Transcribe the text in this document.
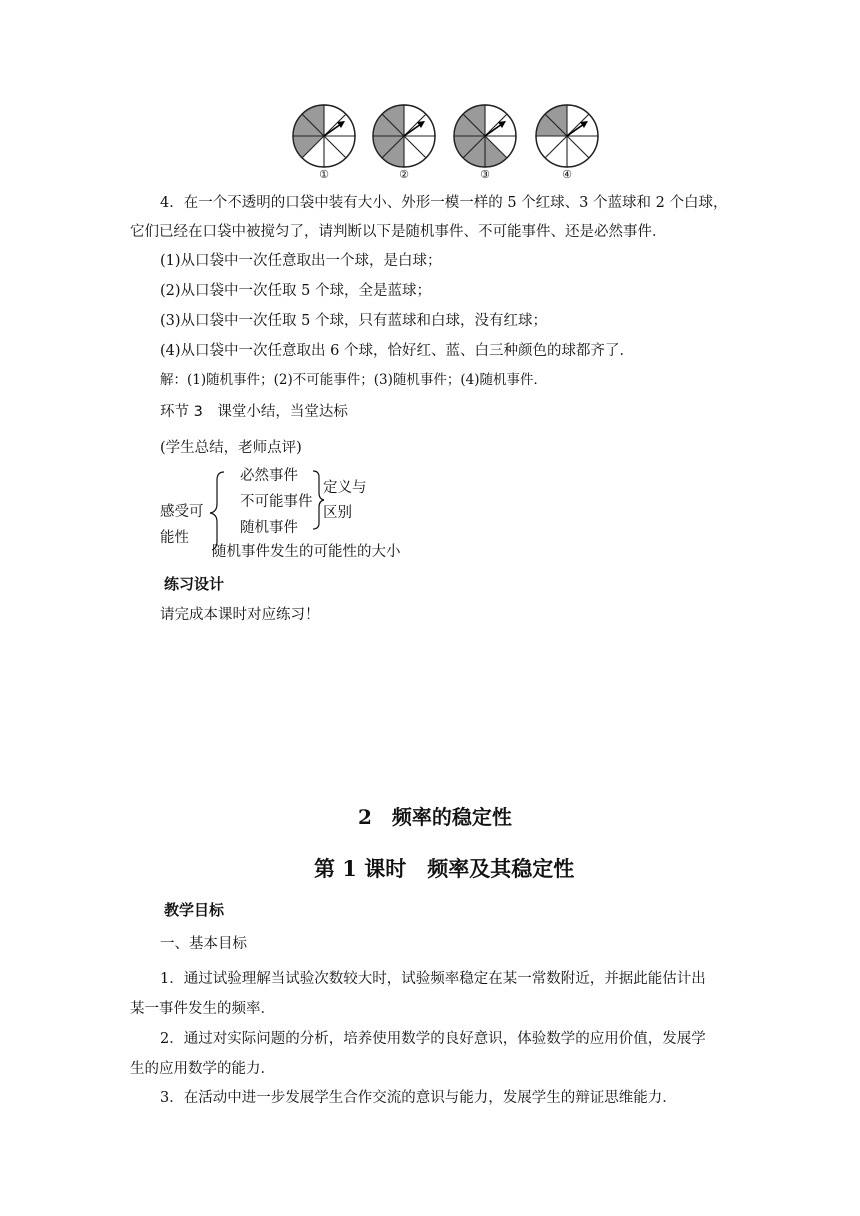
①	②	③	④
4．在一个不透明的口袋中装有大小、外形一模一样的 5 个红球、3 个蓝球和 2 个白球，
它们已经在口袋中被搅匀了，请判断以下是随机事件、不可能事件、还是必然事件．
(1)从口袋中一次任意取出一个球，是白球；
(2)从口袋中一次任取 5 个球，全是蓝球；
(3)从口袋中一次任取 5 个球，只有蓝球和白球，没有红球；
(4)从口袋中一次任意取出 6 个球，恰好红、蓝、白三种颜色的球都齐了．
解：(1)随机事件；(2)不可能事件；(3)随机事件；(4)随机事件．
环节 3　课堂小结，当堂达标
(学生总结，老师点评)
感受可
能性
必然事件
不可能事件
随机事件
定义与
区别
随机事件发生的可能性的大小
练习设计
请完成本课时对应练习！
2　频率的稳定性
第 1 课时　频率及其稳定性
教学目标
一、基本目标
1．通过试验理解当试验次数较大时，试验频率稳定在某一常数附近，并据此能估计出
某一事件发生的频率．
2．通过对实际问题的分析，培养使用数学的良好意识，体验数学的应用价值，发展学
生的应用数学的能力．
3．在活动中进一步发展学生合作交流的意识与能力，发展学生的辩证思维能力．
